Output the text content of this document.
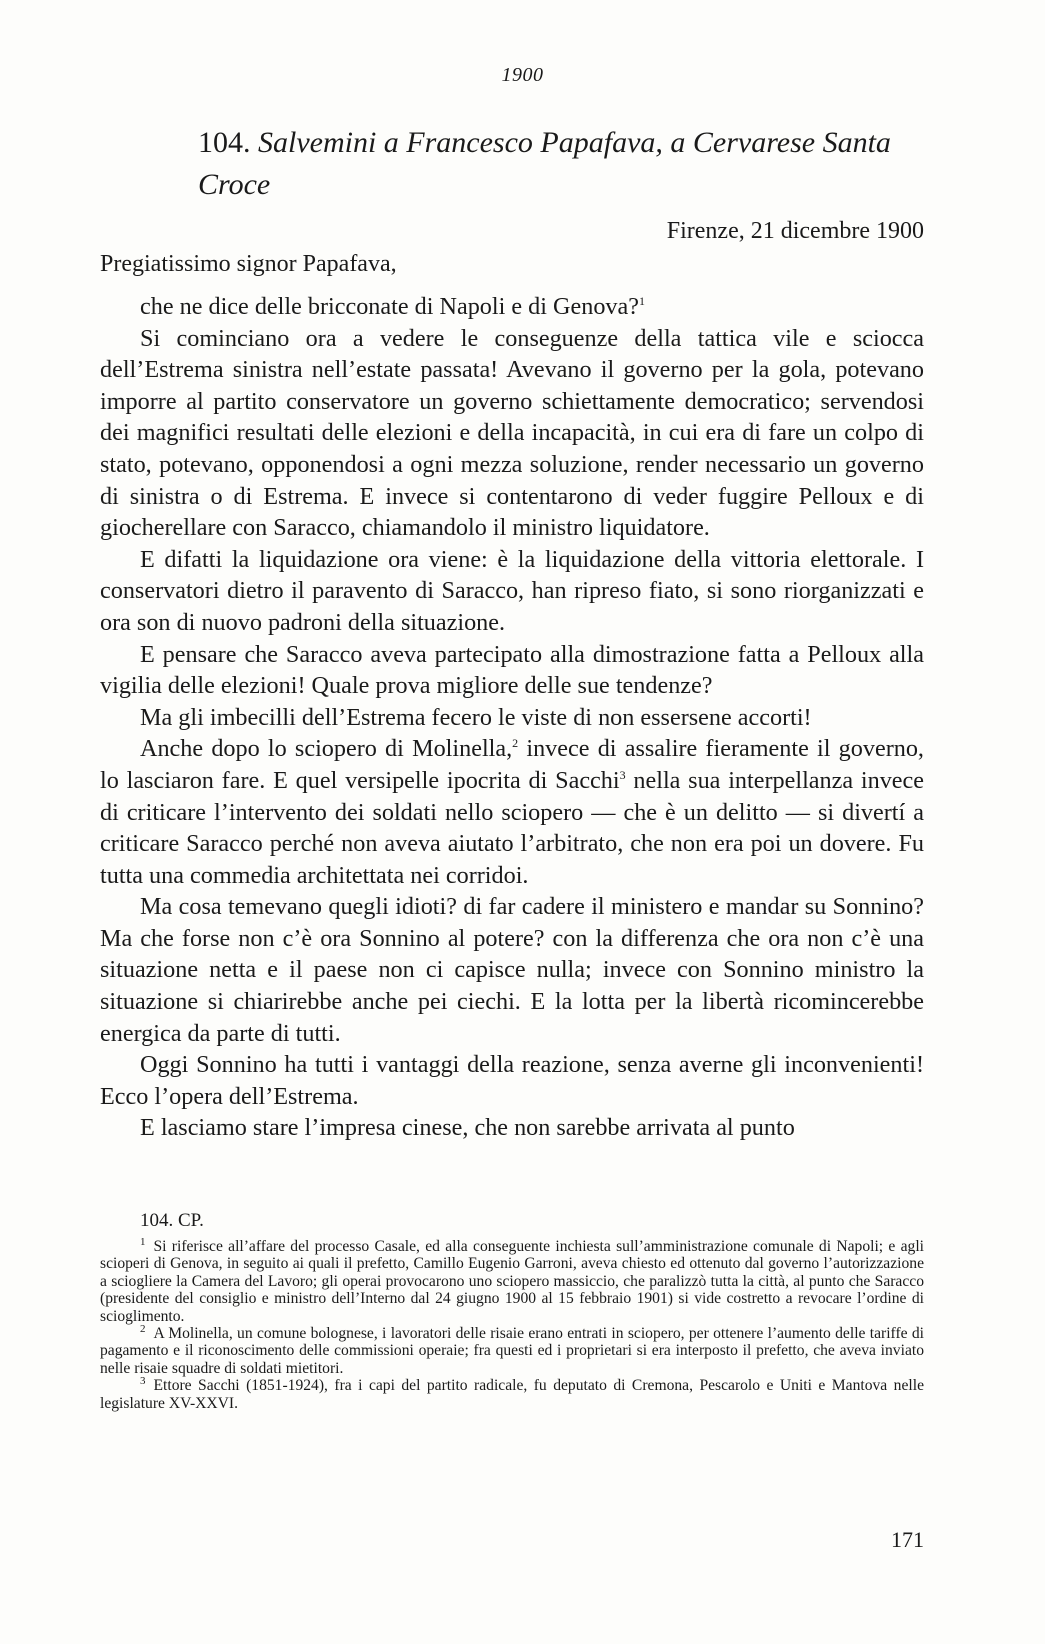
1900
104. Salvemini a Francesco Papafava, a Cervarese Santa Croce
Firenze, 21 dicembre 1900
Pregiatissimo signor Papafava,

che ne dice delle bricconate di Napoli e di Genova?$^1$

Si cominciano ora a vedere le conseguenze della tattica vile e sciocca dell’Estrema sinistra nell’estate passata! Avevano il governo per la gola, potevano imporre al partito conservatore un governo schiettamente democratico; servendosi dei magnifici resultati delle elezioni e della incapacità, in cui era di fare un colpo di stato, potevano, opponendosi a ogni mezza soluzione, render necessario un governo di sinistra o di Estrema. E invece si contentarono di veder fuggire Pelloux e di giocherellare con Saracco, chiamandolo il ministro liquidatore.

E difatti la liquidazione ora viene: è la liquidazione della vittoria elettorale. I conservatori dietro il paravento di Saracco, han ripreso fiato, si sono riorganizzati e ora son di nuovo padroni della situazione.

E pensare che Saracco aveva partecipato alla dimostrazione fatta a Pelloux alla vigilia delle elezioni! Quale prova migliore delle sue tendenze?

Ma gli imbecilli dell’Estrema fecero le viste di non essersene accorti!

Anche dopo lo sciopero di Molinella,$^2$ invece di assalire fieramente il governo, lo lasciaron fare. E quel versipelle ipocrita di Sacchi$^3$ nella sua interpellanza invece di criticare l’intervento dei soldati nello sciopero — che è un delitto — si divertí a criticare Saracco perché non aveva aiutato l’arbitrato, che non era poi un dovere. Fu tutta una commedia architettata nei corridoi.

Ma cosa temevano quegli idioti? di far cadere il ministero e mandar su Sonnino? Ma che forse non c’è ora Sonnino al potere? con la differenza che ora non c’è una situazione netta e il paese non ci capisce nulla; invece con Sonnino ministro la situazione si chiarirebbe anche pei ciechi. E la lotta per la libertà ricomincerebbe energica da parte di tutti.

Oggi Sonnino ha tutti i vantaggi della reazione, senza averne gli inconvenienti! Ecco l’opera dell’Estrema.

E lasciamo stare l’impresa cinese, che non sarebbe arrivata al punto

104. CP.

$^1$ Si riferisce all’affare del processo Casale, ed alla conseguente inchiesta sull’amministrazione comunale di Napoli; e agli scioperi di Genova, in seguito ai quali il prefetto, Camillo Eugenio Garroni, aveva chiesto ed ottenuto dal governo l’autorizzazione a sciogliere la Camera del Lavoro; gli operai provocarono uno sciopero massiccio, che paralizzò tutta la città, al punto che Saracco (presidente del consiglio e ministro dell’Interno dal 24 giugno 1900 al 15 febbraio 1901) si vide costretto a revocare l’ordine di scioglimento.

$^2$ A Molinella, un comune bolognese, i lavoratori delle risaie erano entrati in sciopero, per ottenere l’aumento delle tariffe di pagamento e il riconoscimento delle commissioni operaie; fra questi ed i proprietari si era interposto il prefetto, che aveva inviato nelle risaie squadre di soldati mietitori.

$^3$ Ettore Sacchi (1851-1924), fra i capi del partito radicale, fu deputato di Cremona, Pescarolo e Uniti e Mantova nelle legislature XV-XXVI.

171
